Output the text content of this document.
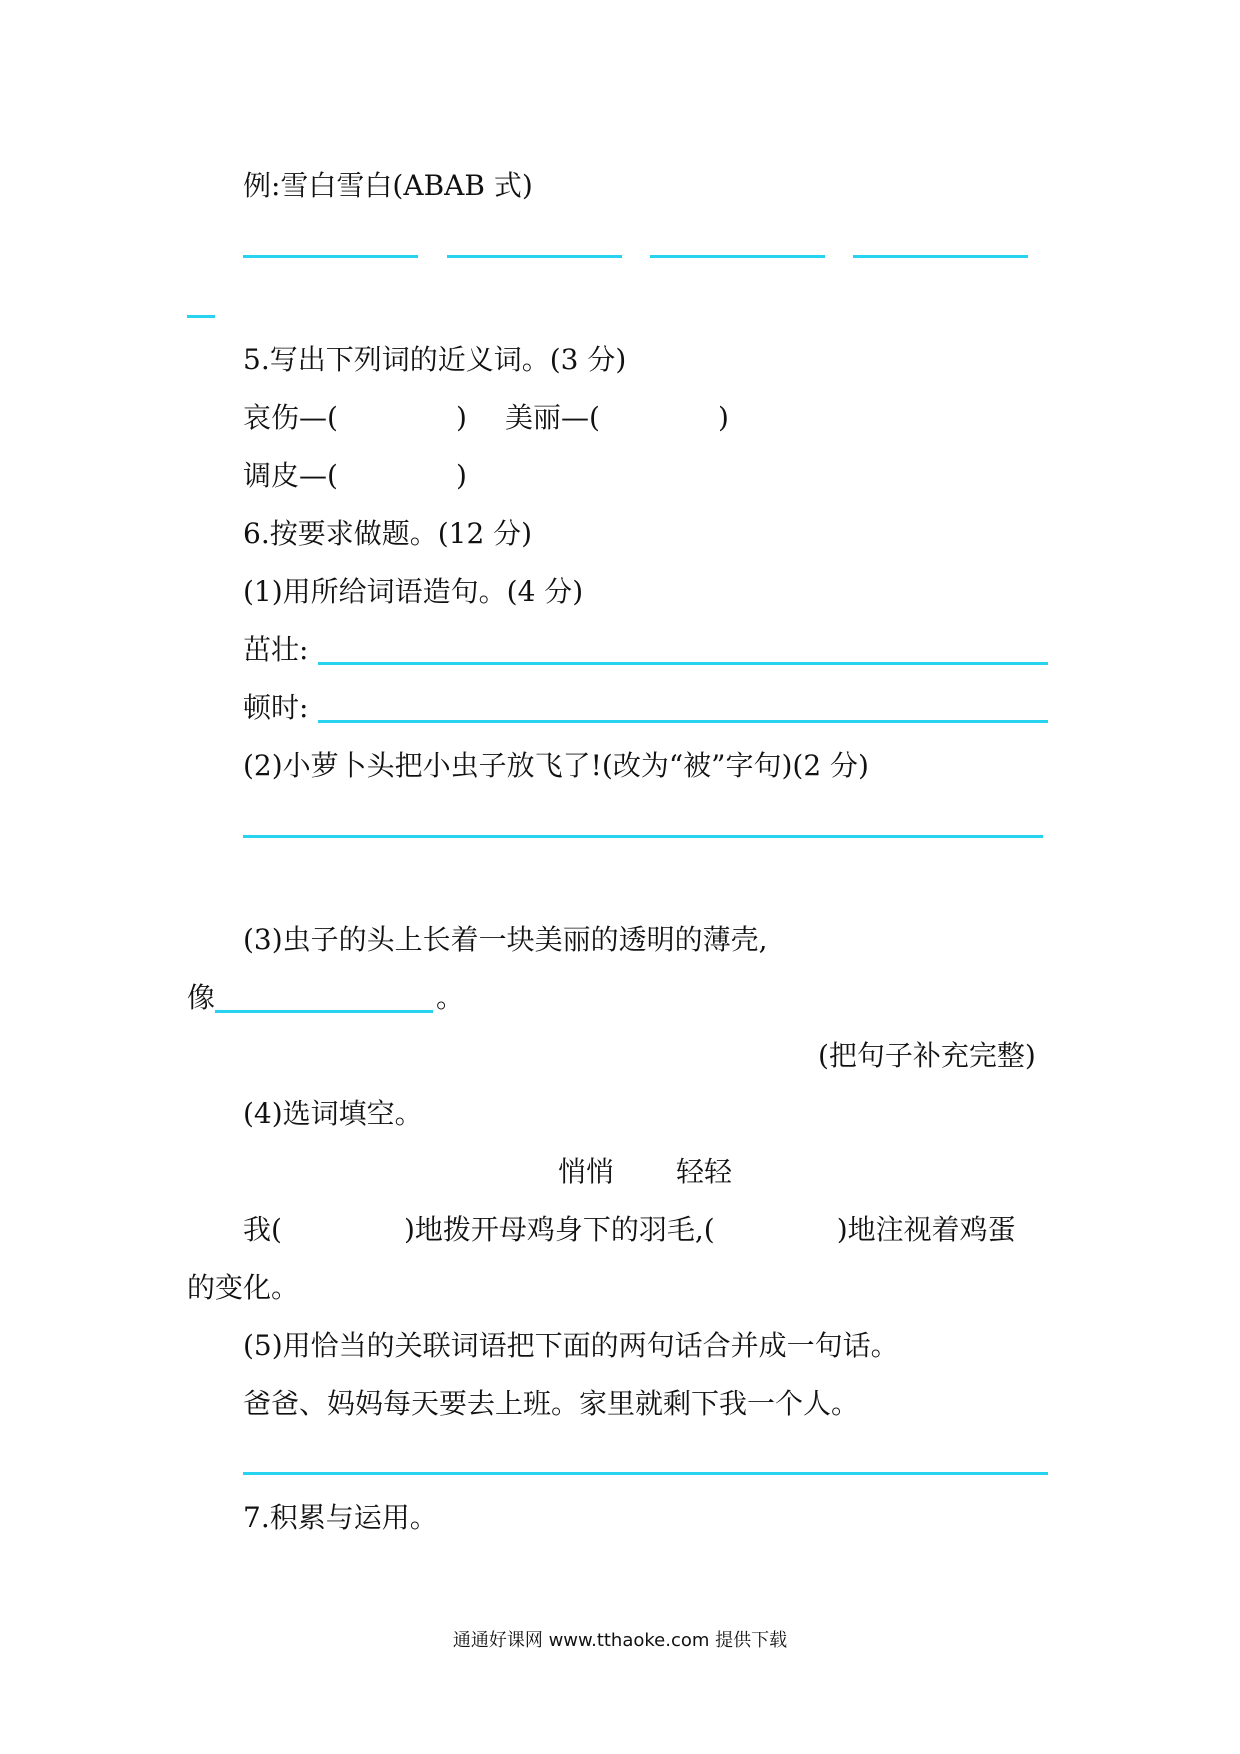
例:雪白雪白(ABAB 式)
5.写出下列词的近义词。(3 分)
哀伤—(	) 美丽—(	)
调皮—(	)
6.按要求做题。(12 分)
(1)用所给词语造句。(4 分)
茁壮:
顿时:
(2)小萝卜头把小虫子放飞了!(改为“被”字句)(2 分)
(3)虫子的头上长着一块美丽的透明的薄壳,
像	。
(把句子补充完整)
(4)选词填空。
悄悄 轻轻
我(	)地拨开母鸡身下的羽毛,(	)地注视着鸡蛋
的变化。
(5)用恰当的关联词语把下面的两句话合并成一句话。
爸爸、妈妈每天要去上班。家里就剩下我一个人。
7.积累与运用。
通通好课网 www.tthaoke.com 提供下载
